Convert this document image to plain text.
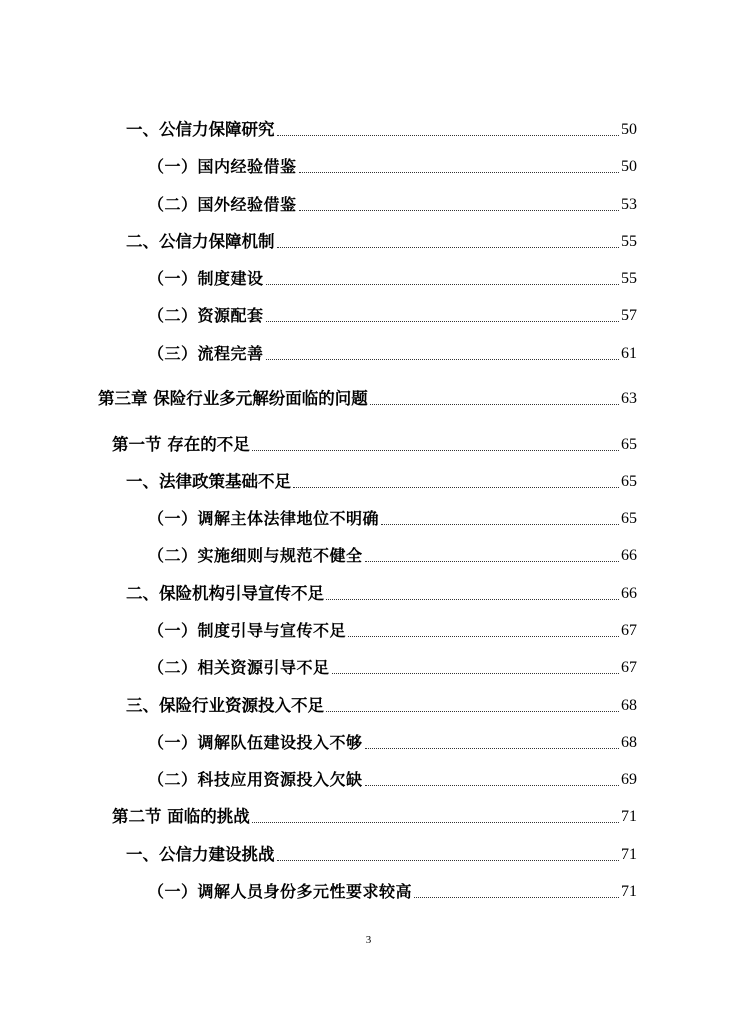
一、公信力保障研究	50
（一）国内经验借鉴	50
（二）国外经验借鉴	53
二、公信力保障机制	55
（一）制度建设	55
（二）资源配套	57
（三）流程完善	61
第三章 保险行业多元解纷面临的问题	63
第一节 存在的不足	65
一、法律政策基础不足	65
（一）调解主体法律地位不明确	65
（二）实施细则与规范不健全	66
二、保险机构引导宣传不足	66
（一）制度引导与宣传不足	67
（二）相关资源引导不足	67
三、保险行业资源投入不足	68
（一）调解队伍建设投入不够	68
（二）科技应用资源投入欠缺	69
第二节 面临的挑战	71
一、公信力建设挑战	71
（一）调解人员身份多元性要求较高	71
3
